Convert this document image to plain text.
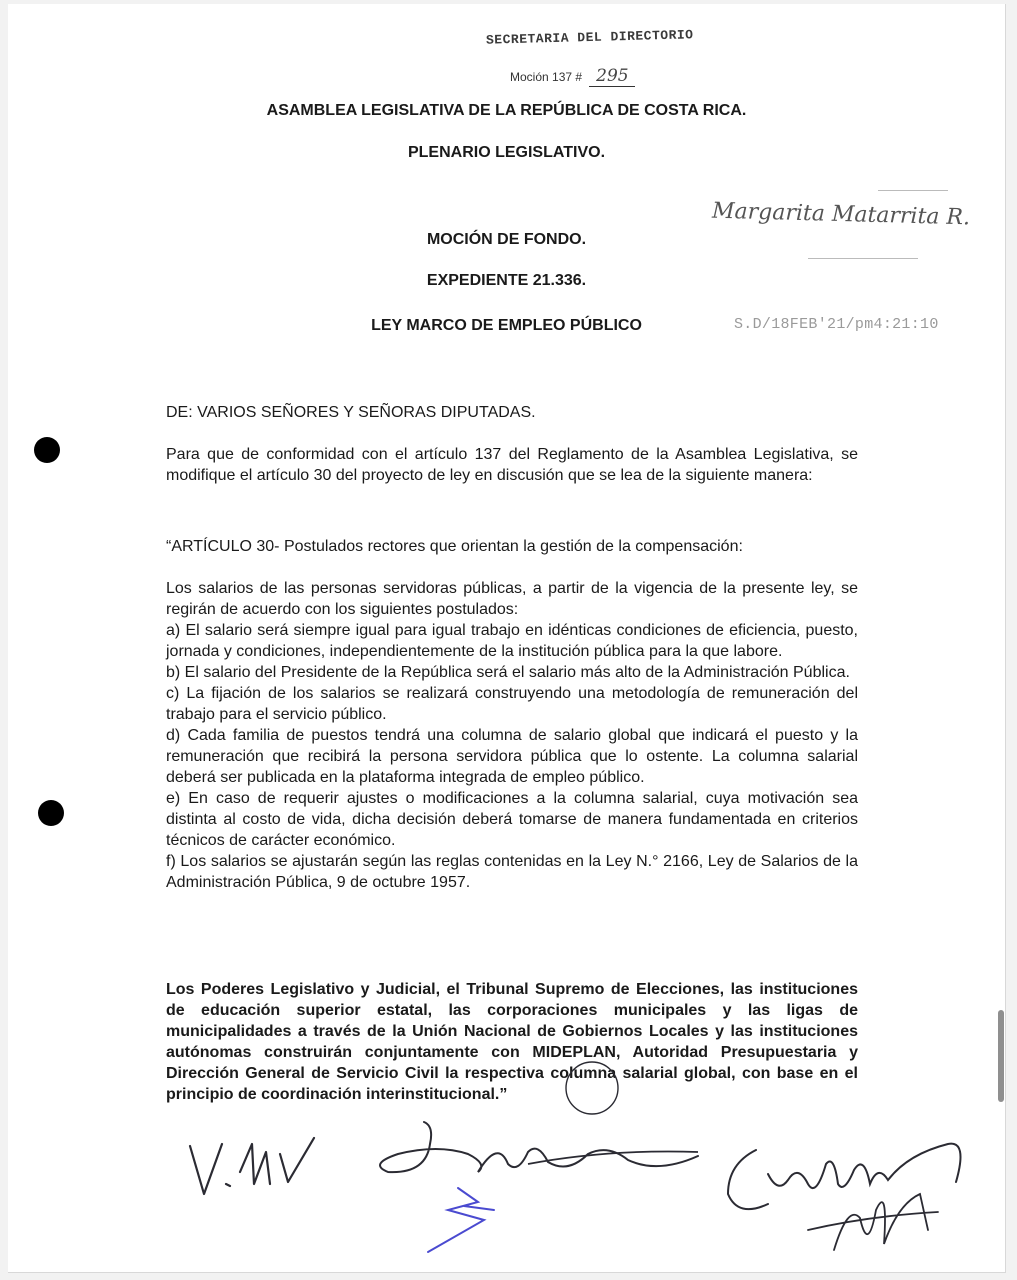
SECRETARIA DEL DIRECTORIO
Moción 137 # 295
ASAMBLEA LEGISLATIVA DE LA REPÚBLICA DE COSTA RICA.
PLENARIO LEGISLATIVO.
Margarita Matarrita R.
S.D/18FEB'21/pm4:21:10
MOCIÓN DE FONDO.
EXPEDIENTE 21.336.
LEY MARCO DE EMPLEO PÚBLICO
DE: VARIOS SEÑORES Y SEÑORAS DIPUTADAS.

Para que de conformidad con el artículo 137 del Reglamento de la Asamblea Legislativa, se modifique el artículo 30 del proyecto de ley en discusión que se lea de la siguiente manera:

“ARTÍCULO 30- Postulados rectores que orientan la gestión de la compensación:

Los salarios de las personas servidoras públicas, a partir de la vigencia de la presente ley, se regirán de acuerdo con los siguientes postulados:

a) El salario será siempre igual para igual trabajo en idénticas condiciones de eficiencia, puesto, jornada y condiciones, independientemente de la institución pública para la que labore.

b) El salario del Presidente de la República será el salario más alto de la Administración Pública.

c) La fijación de los salarios se realizará construyendo una metodología de remuneración del trabajo para el servicio público.

d) Cada familia de puestos tendrá una columna de salario global que indicará el puesto y la remuneración que recibirá la persona servidora pública que lo ostente. La columna salarial deberá ser publicada en la plataforma integrada de empleo público.

e) En caso de requerir ajustes o modificaciones a la columna salarial, cuya motivación sea distinta al costo de vida, dicha decisión deberá tomarse de manera fundamentada en criterios técnicos de carácter económico.

f) Los salarios se ajustarán según las reglas contenidas en la Ley N.° 2166, Ley de Salarios de la Administración Pública, 9 de octubre 1957.

Los Poderes Legislativo y Judicial, el Tribunal Supremo de Elecciones, las instituciones de educación superior estatal, las corporaciones municipales y las ligas de municipalidades a través de la Unión Nacional de Gobiernos Locales y las instituciones autónomas construirán conjuntamente con MIDEPLAN, Autoridad Presupuestaria y Dirección General de Servicio Civil la respectiva columna salarial global, con base en el principio de coordinación interinstitucional.”
